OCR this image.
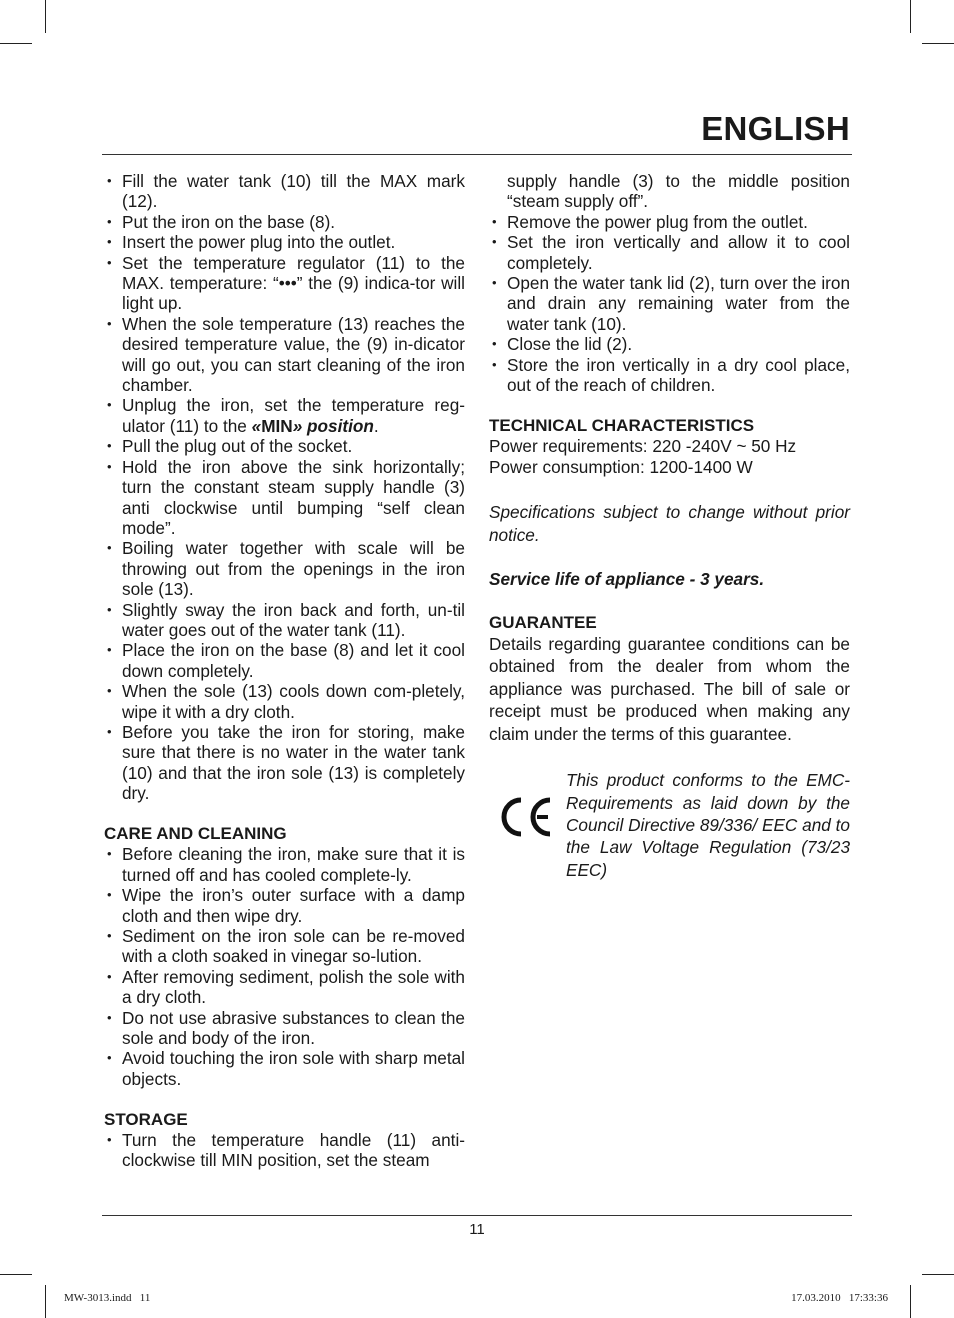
ENGLISH
• Fill the water tank (10) till the MAX mark (12).
• Put the iron on the base (8).
• Insert the power plug into the outlet.
• Set the temperature regulator (11) to the MAX. temperature: “•••” the (9) indica-tor will light up.
• When the sole temperature (13) reaches the desired temperature value, the (9) in-dicator will go out, you can start cleaning of the iron chamber.
• Unplug the iron, set the temperature reg-ulator (11) to the «MIN» position.
• Pull the plug out of the socket.
• Hold the iron above the sink horizontally; turn the constant steam supply handle (3) anti clockwise until bumping “self clean mode”.
• Boiling water together with scale will be throwing out from the openings in the iron sole (13).
• Slightly sway the iron back and forth, un-til water goes out of the water tank (11).
• Place the iron on the base (8) and let it cool down completely.
• When the sole (13) cools down com-pletely, wipe it with a dry cloth.
• Before you take the iron for storing, make sure that there is no water in the water tank (10) and that the iron sole (13) is completely dry.

CARE AND CLEANING

• Before cleaning the iron, make sure that it is turned off and has cooled complete-ly.
• Wipe the iron’s outer surface with a damp cloth and then wipe dry.
• Sediment on the iron sole can be re-moved with a cloth soaked in vinegar so-lution.
• After removing sediment, polish the sole with a dry cloth.
• Do not use abrasive substances to clean the sole and body of the iron.
• Avoid touching the iron sole with sharp metal objects.

STORAGE

• Turn the temperature handle (11) anti-clockwise till MIN position, set the steam
supply handle (3) to the middle position “steam supply off”.
• Remove the power plug from the outlet.
• Set the iron vertically and allow it to cool completely.
• Open the water tank lid (2), turn over the iron and drain any remaining water from the water tank (10).
• Close the lid (2).
• Store the iron vertically in a dry cool place, out of the reach of children.

TECHNICAL CHARACTERISTICS

Power requirements: 220 -240V ~ 50 Hz

Power consumption: 1200-1400 W

Specifications subject to change without prior notice.

Service life of appliance - 3 years.

GUARANTEE

Details regarding guarantee conditions can be obtained from the dealer from whom the appliance was purchased. The bill of sale or receipt must be produced when making any claim under the terms of this guarantee.

This product conforms to the EMC-Requirements as laid down by the Council Directive 89/336/ EEC and to the Law Voltage Regulation (73/23 EEC)

11
MW-3013.indd   11	17.03.2010   17:33:36
